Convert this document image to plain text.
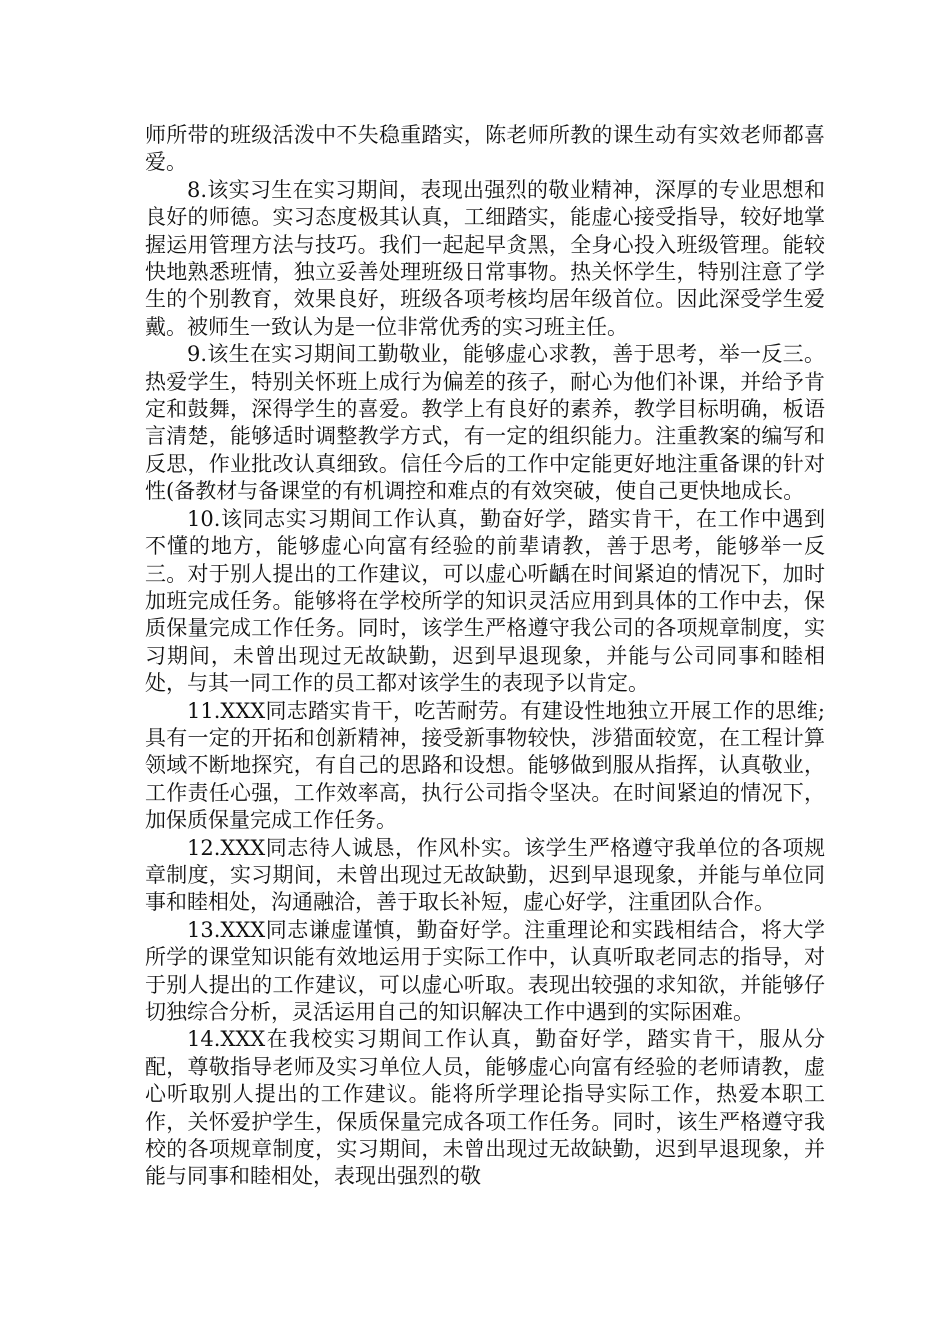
师所带的班级活泼中不失稳重踏实，陈老师所教的课生动有实效老师都喜爱。

8.该实习生在实习期间，表现出强烈的敬业精神，深厚的专业思想和良好的师德。实习态度极其认真，工细踏实，能虚心接受指导，较好地掌握运用管理方法与技巧。我们一起起早贪黑，全身心投入班级管理。能较快地熟悉班情，独立妥善处理班级日常事物。热关怀学生，特别注意了学生的个别教育，效果良好，班级各项考核均居年级首位。因此深受学生爱戴。被师生一致认为是一位非常优秀的实习班主任。

9.该生在实习期间工勤敬业，能够虚心求教，善于思考，举一反三。热爱学生，特别关怀班上成行为偏差的孩子，耐心为他们补课，并给予肯定和鼓舞，深得学生的喜爱。教学上有良好的素养，教学目标明确，板语言清楚，能够适时调整教学方式，有一定的组织能力。注重教案的编写和反思，作业批改认真细致。信任今后的工作中定能更好地注重备课的针对性(备教材与备课堂的有机调控和难点的有效突破，使自己更快地成长。

10.该同志实习期间工作认真，勤奋好学，踏实肯干，在工作中遇到不懂的地方，能够虚心向富有经验的前辈请教，善于思考，能够举一反三。对于别人提出的工作建议，可以虚心听齲在时间紧迫的情况下，加时加班完成任务。能够将在学校所学的知识灵活应用到具体的工作中去，保质保量完成工作任务。同时，该学生严格遵守我公司的各项规章制度，实习期间，未曾出现过无故缺勤，迟到早退现象，并能与公司同事和睦相处，与其一同工作的员工都对该学生的表现予以肯定。

11.XXX同志踏实肯干，吃苦耐劳。有建设性地独立开展工作的思维;具有一定的开拓和创新精神，接受新事物较快，涉猎面较宽，在工程计算领域不断地探究，有自己的思路和设想。能够做到服从指挥，认真敬业，工作责任心强，工作效率高，执行公司指令坚决。在时间紧迫的情况下，加保质保量完成工作任务。

12.XXX同志待人诚恳，作风朴实。该学生严格遵守我单位的各项规章制度，实习期间，未曾出现过无故缺勤，迟到早退现象，并能与单位同事和睦相处，沟通融洽，善于取长补短，虚心好学，注重团队合作。

13.XXX同志谦虚谨慎，勤奋好学。注重理论和实践相结合，将大学所学的课堂知识能有效地运用于实际工作中，认真听取老同志的指导，对于别人提出的工作建议，可以虚心听取。表现出较强的求知欲，并能够仔切独综合分析，灵活运用自己的知识解决工作中遇到的实际困难。

14.XXX在我校实习期间工作认真，勤奋好学，踏实肯干，服从分配，尊敬指导老师及实习单位人员，能够虚心向富有经验的老师请教，虚心听取别人提出的工作建议。能将所学理论指导实际工作，热爱本职工作，关怀爱护学生，保质保量完成各项工作任务。同时，该生严格遵守我校的各项规章制度，实习期间，未曾出现过无故缺勤，迟到早退现象，并能与同事和睦相处，表现出强烈的敬
